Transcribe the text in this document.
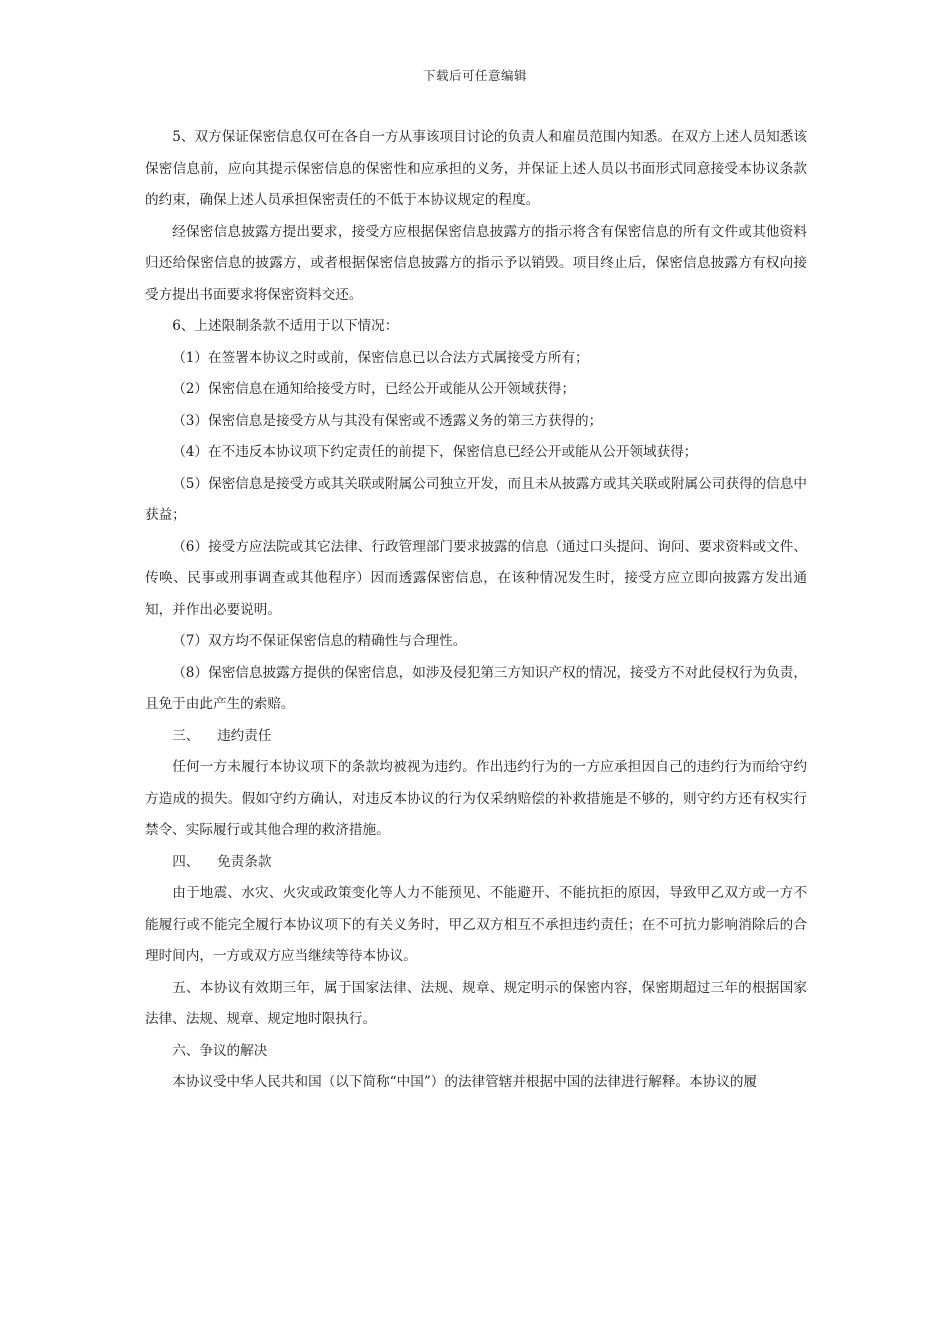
下载后可任意编辑

5、双方保证保密信息仅可在各自一方从事该项目讨论的负责人和雇员范围内知悉。在双方上述人员知悉该保密信息前，应向其提示保密信息的保密性和应承担的义务，并保证上述人员以书面形式同意接受本协议条款的约束，确保上述人员承担保密责任的不低于本协议规定的程度。

经保密信息披露方提出要求，接受方应根据保密信息披露方的指示将含有保密信息的所有文件或其他资料归还给保密信息的披露方，或者根据保密信息披露方的指示予以销毁。项目终止后，保密信息披露方有权向接受方提出书面要求将保密资料交还。

6、上述限制条款不适用于以下情况：

（1）在签署本协议之时或前，保密信息已以合法方式属接受方所有；

（2）保密信息在通知给接受方时，已经公开或能从公开领域获得；

（3）保密信息是接受方从与其没有保密或不透露义务的第三方获得的；

（4）在不违反本协议项下约定责任的前提下，保密信息已经公开或能从公开领域获得；

（5）保密信息是接受方或其关联或附属公司独立开发，而且未从披露方或其关联或附属公司获得的信息中获益；

（6）接受方应法院或其它法律、行政管理部门要求披露的信息（通过口头提问、询问、要求资料或文件、传唤、民事或刑事调查或其他程序）因而透露保密信息，在该种情况发生时，接受方应立即向披露方发出通知，并作出必要说明。

（7）双方均不保证保密信息的精确性与合理性。

（8）保密信息披露方提供的保密信息，如涉及侵犯第三方知识产权的情况，接受方不对此侵权行为负责，且免于由此产生的索赔。

三、 违约责任

任何一方未履行本协议项下的条款均被视为违约。作出违约行为的一方应承担因自己的违约行为而给守约方造成的损失。假如守约方确认，对违反本协议的行为仅采纳赔偿的补救措施是不够的，则守约方还有权实行禁令、实际履行或其他合理的救济措施。

四、 免责条款

由于地震、水灾、火灾或政策变化等人力不能预见、不能避开、不能抗拒的原因，导致甲乙双方或一方不能履行或不能完全履行本协议项下的有关义务时，甲乙双方相互不承担违约责任；在不可抗力影响消除后的合理时间内，一方或双方应当继续等待本协议。

五、本协议有效期三年，属于国家法律、法规、规章、规定明示的保密内容，保密期超过三年的根据国家法律、法规、规章、规定地时限执行。

六、争议的解决

本协议受中华人民共和国（以下简称“中国”）的法律管辖并根据中国的法律进行解释。本协议的履
